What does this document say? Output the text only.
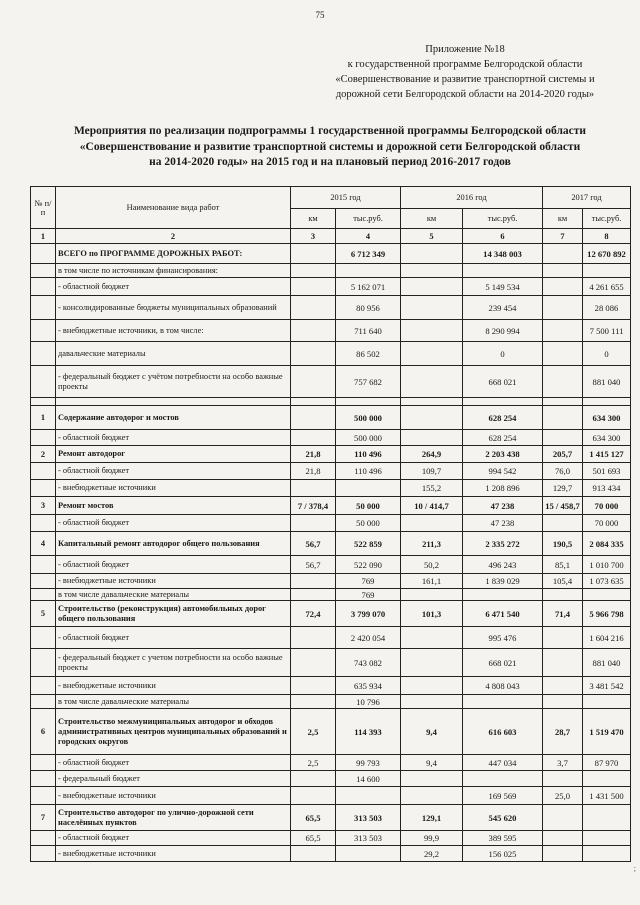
75
Приложение №18
к государственной программе Белгородской области
«Совершенствование и развитие транспортной системы и
дорожной сети Белгородской области на 2014-2020 годы»
Мероприятия по реализации подпрограммы 1 государственной программы Белгородской области
«Совершенствование и развитие транспортной системы и дорожной сети Белгородской области
на 2014-2020 годы» на 2015 год и на плановый период 2016-2017 годов
№ п/п	Наименование вида работ	2015 год		2016 год		2017 год	
		км	тыс.руб.	км	тыс.руб.	км	тыс.руб.
1	2	3	4	5	6	7	8
	ВСЕГО по ПРОГРАММЕ ДОРОЖНЫХ РАБОТ:		6 712 349		14 348 003		12 670 892
	в том числе по источникам финансирования:						
	- областной бюджет		5 162 071		5 149 534		4 261 655
	- консолидированные бюджеты муниципальных образований		80 956		239 454		28 086
	- внебюджетные источники, в том числе:		711 640		8 290 994		7 500 111
	давальческие материалы		86 502		0		0
	- федеральный бюджет с учётом потребности на особо важные проекты		757 682		668 021		881 040

1	Содержание автодорог и мостов		500 000		628 254		634 300
	- областной бюджет		500 000		628 254		634 300
2	Ремонт автодорог	21,8	110 496	264,9	2 203 438	205,7	1 415 127
	- областной бюджет	21,8	110 496	109,7	994 542	76,0	501 693
	- внебюджетные источники			155,2	1 208 896	129,7	913 434
3	Ремонт мостов	7 / 378,4	50 000	10 / 414,7	47 238	15 / 458,7	70 000
	- областной бюджет		50 000		47 238		70 000
4	Капитальный ремонт автодорог общего пользования	56,7	522 859	211,3	2 335 272	190,5	2 084 335
	- областной бюджет	56,7	522 090	50,2	496 243	85,1	1 010 700
	- внебюджетные источники		769	161,1	1 839 029	105,4	1 073 635
	в том числе давальческие материалы		769				
5	Строительство (реконструкция) автомобильных дорог общего пользования	72,4	3 799 070	101,3	6 471 540	71,4	5 966 798
	- областной бюджет		2 420 054		995 476		1 604 216
	- федеральный бюджет с учетом потребности на особо важные проекты		743 082		668 021		881 040
	- внебюджетные источники		635 934		4 808 043		3 481 542
	в том числе давальческие материалы		10 796				
6	Строительство межмуниципальных автодорог и обходов административных центров муниципальных образований и городских округов	2,5	114 393	9,4	616 603	28,7	1 519 470
	- областной бюджет	2,5	99 793	9,4	447 034	3,7	87 970
	- федеральный бюджет		14 600				
	- внебюджетные источники				169 569	25,0	1 431 500
7	Строительство автодорог по улично-дорожной сети населённых пунктов	65,5	313 503	129,1	545 620		
	- областной бюджет	65,5	313 503	99,9	389 595		
	- внебюджетные источники			29,2	156 025		
;
